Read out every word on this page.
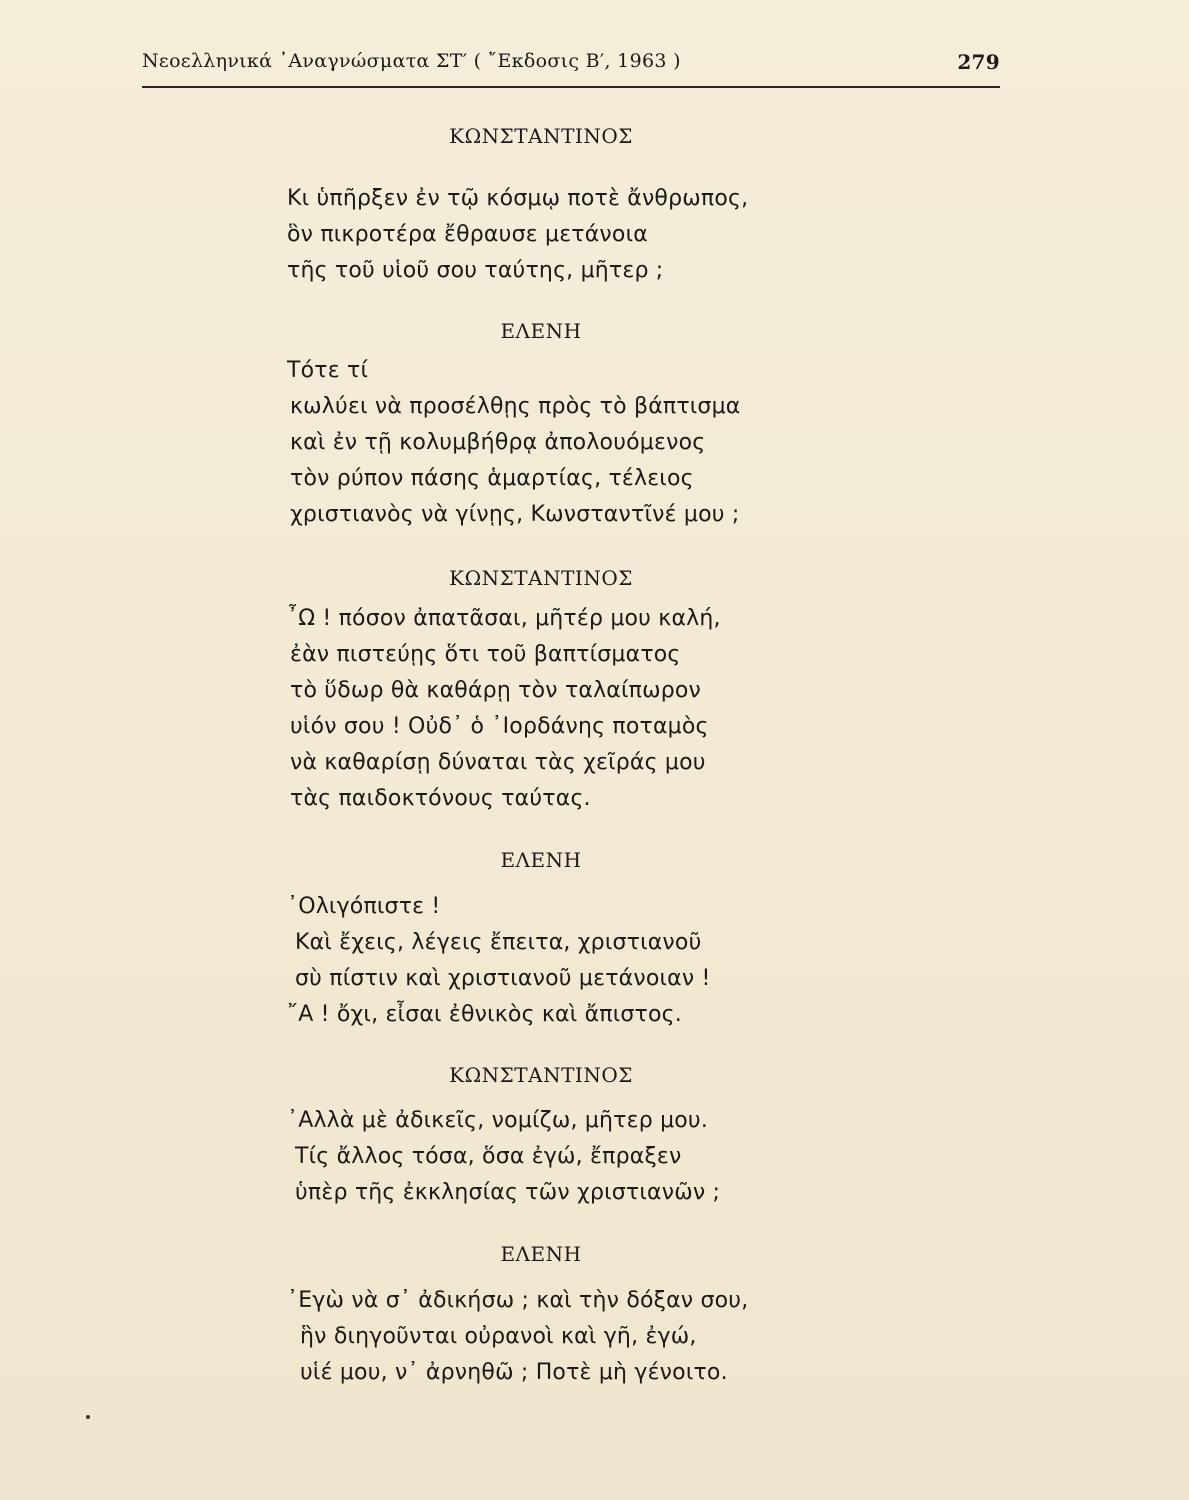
Νεοελληνικά ᾿Αναγνώσματα ΣΤ′ ( ῎Εκδοσις Β′, 1963 )	279
ΚΩΝΣΤΑΝΤΙΝΟΣ
Κι ὑπῆρξεν ἐν τῷ κόσμῳ ποτὲ ἄνθρωπος,
ὃν πικροτέρα ἔθραυσε μετάνοια
τῆς τοῦ υἱοῦ σου ταύτης, μῆτερ ;
ΕΛΕΝΗ
Τότε τί
κωλύει νὰ προσέλθῃς πρὸς τὸ βάπτισμα
καὶ ἐν τῇ κολυμβήθρᾳ ἀπολουόμενος
τὸν ρύπον πάσης ἁμαρτίας, τέλειος
χριστιανὸς νὰ γίνῃς, Κωνσταντῖνέ μου ;
ΚΩΝΣΤΑΝΤΙΝΟΣ
῏Ω ! πόσον ἀπατᾶσαι, μῆτέρ μου καλή,
ἐὰν πιστεύῃς ὅτι τοῦ βαπτίσματος
τὸ ὕδωρ θὰ καθάρῃ τὸν ταλαίπωρον
υἱόν σου ! Οὐδ᾿ ὁ ᾿Ιορδάνης ποταμὸς
νὰ καθαρίσῃ δύναται τὰς χεῖράς μου
τὰς παιδοκτόνους ταύτας.
ΕΛΕΝΗ
᾿Ολιγόπιστε !
Καὶ ἔχεις, λέγεις ἔπειτα, χριστιανοῦ
σὺ πίστιν καὶ χριστιανοῦ μετάνοιαν !
῎Α ! ὄχι, εἶσαι ἐθνικὸς καὶ ἄπιστος.
ΚΩΝΣΤΑΝΤΙΝΟΣ
᾿Αλλὰ μὲ ἀδικεῖς, νομίζω, μῆτερ μου.
Τίς ἄλλος τόσα, ὅσα ἐγώ, ἔπραξεν
ὑπὲρ τῆς ἐκκλησίας τῶν χριστιανῶν ;
ΕΛΕΝΗ
᾿Εγὼ νὰ σ᾿ ἀδικήσω ; καὶ τὴν δόξαν σου,
ἣν διηγοῦνται οὐρανοὶ καὶ γῆ, ἐγώ,
υἱέ μου, ν᾿ ἀρνηθῶ ; Ποτὲ μὴ γένοιτο.
